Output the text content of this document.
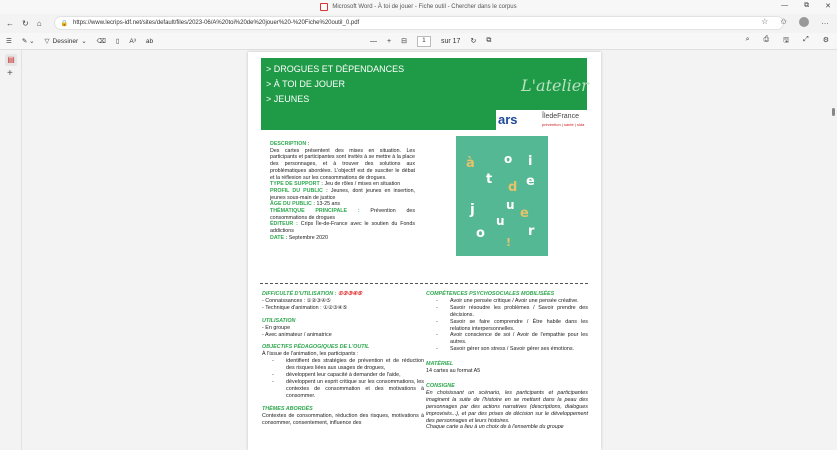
Microsoft Word - À toi de jouer - Fiche outil - Chercher dans le corpus	— ⧉ ✕
← ↻ ⌂	🔒 https://www.lecrips-idf.net/sites/default/files/2023-06/A%20toi%20de%20jouer%20-%20Fiche%20outil_0.pdf	☆ ✩	…
☰ ✎ ⌄ ▽ Dessiner ⌄ ⌫ ▯ A³ ab	— + ⊟	1	sur 17 ↻ ⧉	⌕ ⎙ 🖫 ⤢ ⚙
▤
+	> DROGUES ET DÉPENDANCES
> À TOI DE JOUER
> JEUNES
L'atelier
ars	ÎledeFrance
prévention | santé | sida
DESCRIPTION :
Des cartes présentent des mises en situation. Les participants et participantes sont invités à se mettre à la place des personnages, et à trouver des solutions aux problématiques abordées. L'objectif est de susciter le débat et la réflexion sur les consommations de drogues.
TYPE DE SUPPORT : Jeu de rôles / mises en situation
PROFIL DU PUBLIC : Jeunes, dont jeunes en insertion, jeunes sous-main de justice
ÂGE DU PUBLIC : 13-25 ans
THÉMATIQUE PRINCIPALE : Prévention des consommations de drogues
ÉDITEUR : Crips Île-de-France avec le soutien du Fonds addictions
DATE : Septembre 2020
à o i
t
d e
j	u
e
o
u
!
r
DIFFICULTÉ D'UTILISATION : ①②③④⑤
- Connaissances : ①②③④⑤
- Technique d'animation : ①②③④⑤
UTILISATION
- En groupe
- Avec animateur / animatrice
OBJECTIFS PÉDAGOGIQUES DE L'OUTIL
À l'issue de l'animation, les participants :
- identifient des stratégies de prévention et de réduction des risques liées aux usages de drogues,
- développent leur capacité à demander de l'aide,
- développent un esprit critique sur les consommations, les contextes de consommation et des motivations à consommer.
THÈMES ABORDÉS
Contextes de consommation, réduction des risques, motivations à consommer, consentement, influence des
COMPÉTENCES PSYCHOSOCIALES MOBILISÉES
- Avoir une pensée critique / Avoir une pensée créative.
- Savoir résoudre les problèmes / Savoir prendre des décisions.
- Savoir se faire comprendre / Être habile dans les relations interpersonnelles.
- Avoir conscience de soi / Avoir de l'empathie pour les autres.
- Savoir gérer son stress / Savoir gérer ses émotions.
MATÉRIEL
14 cartes au format A5
CONSIGNE
En choisissant un scénario, les participants et participantes imaginent la suite de l'histoire en se mettant dans la peau des personnages par des actions narratives (descriptions, dialogues improvisés...), et par des prises de décision sur le développement des personnages et leurs histoires.
Chaque carte a lieu à un choix de à l'ensemble du groupe
